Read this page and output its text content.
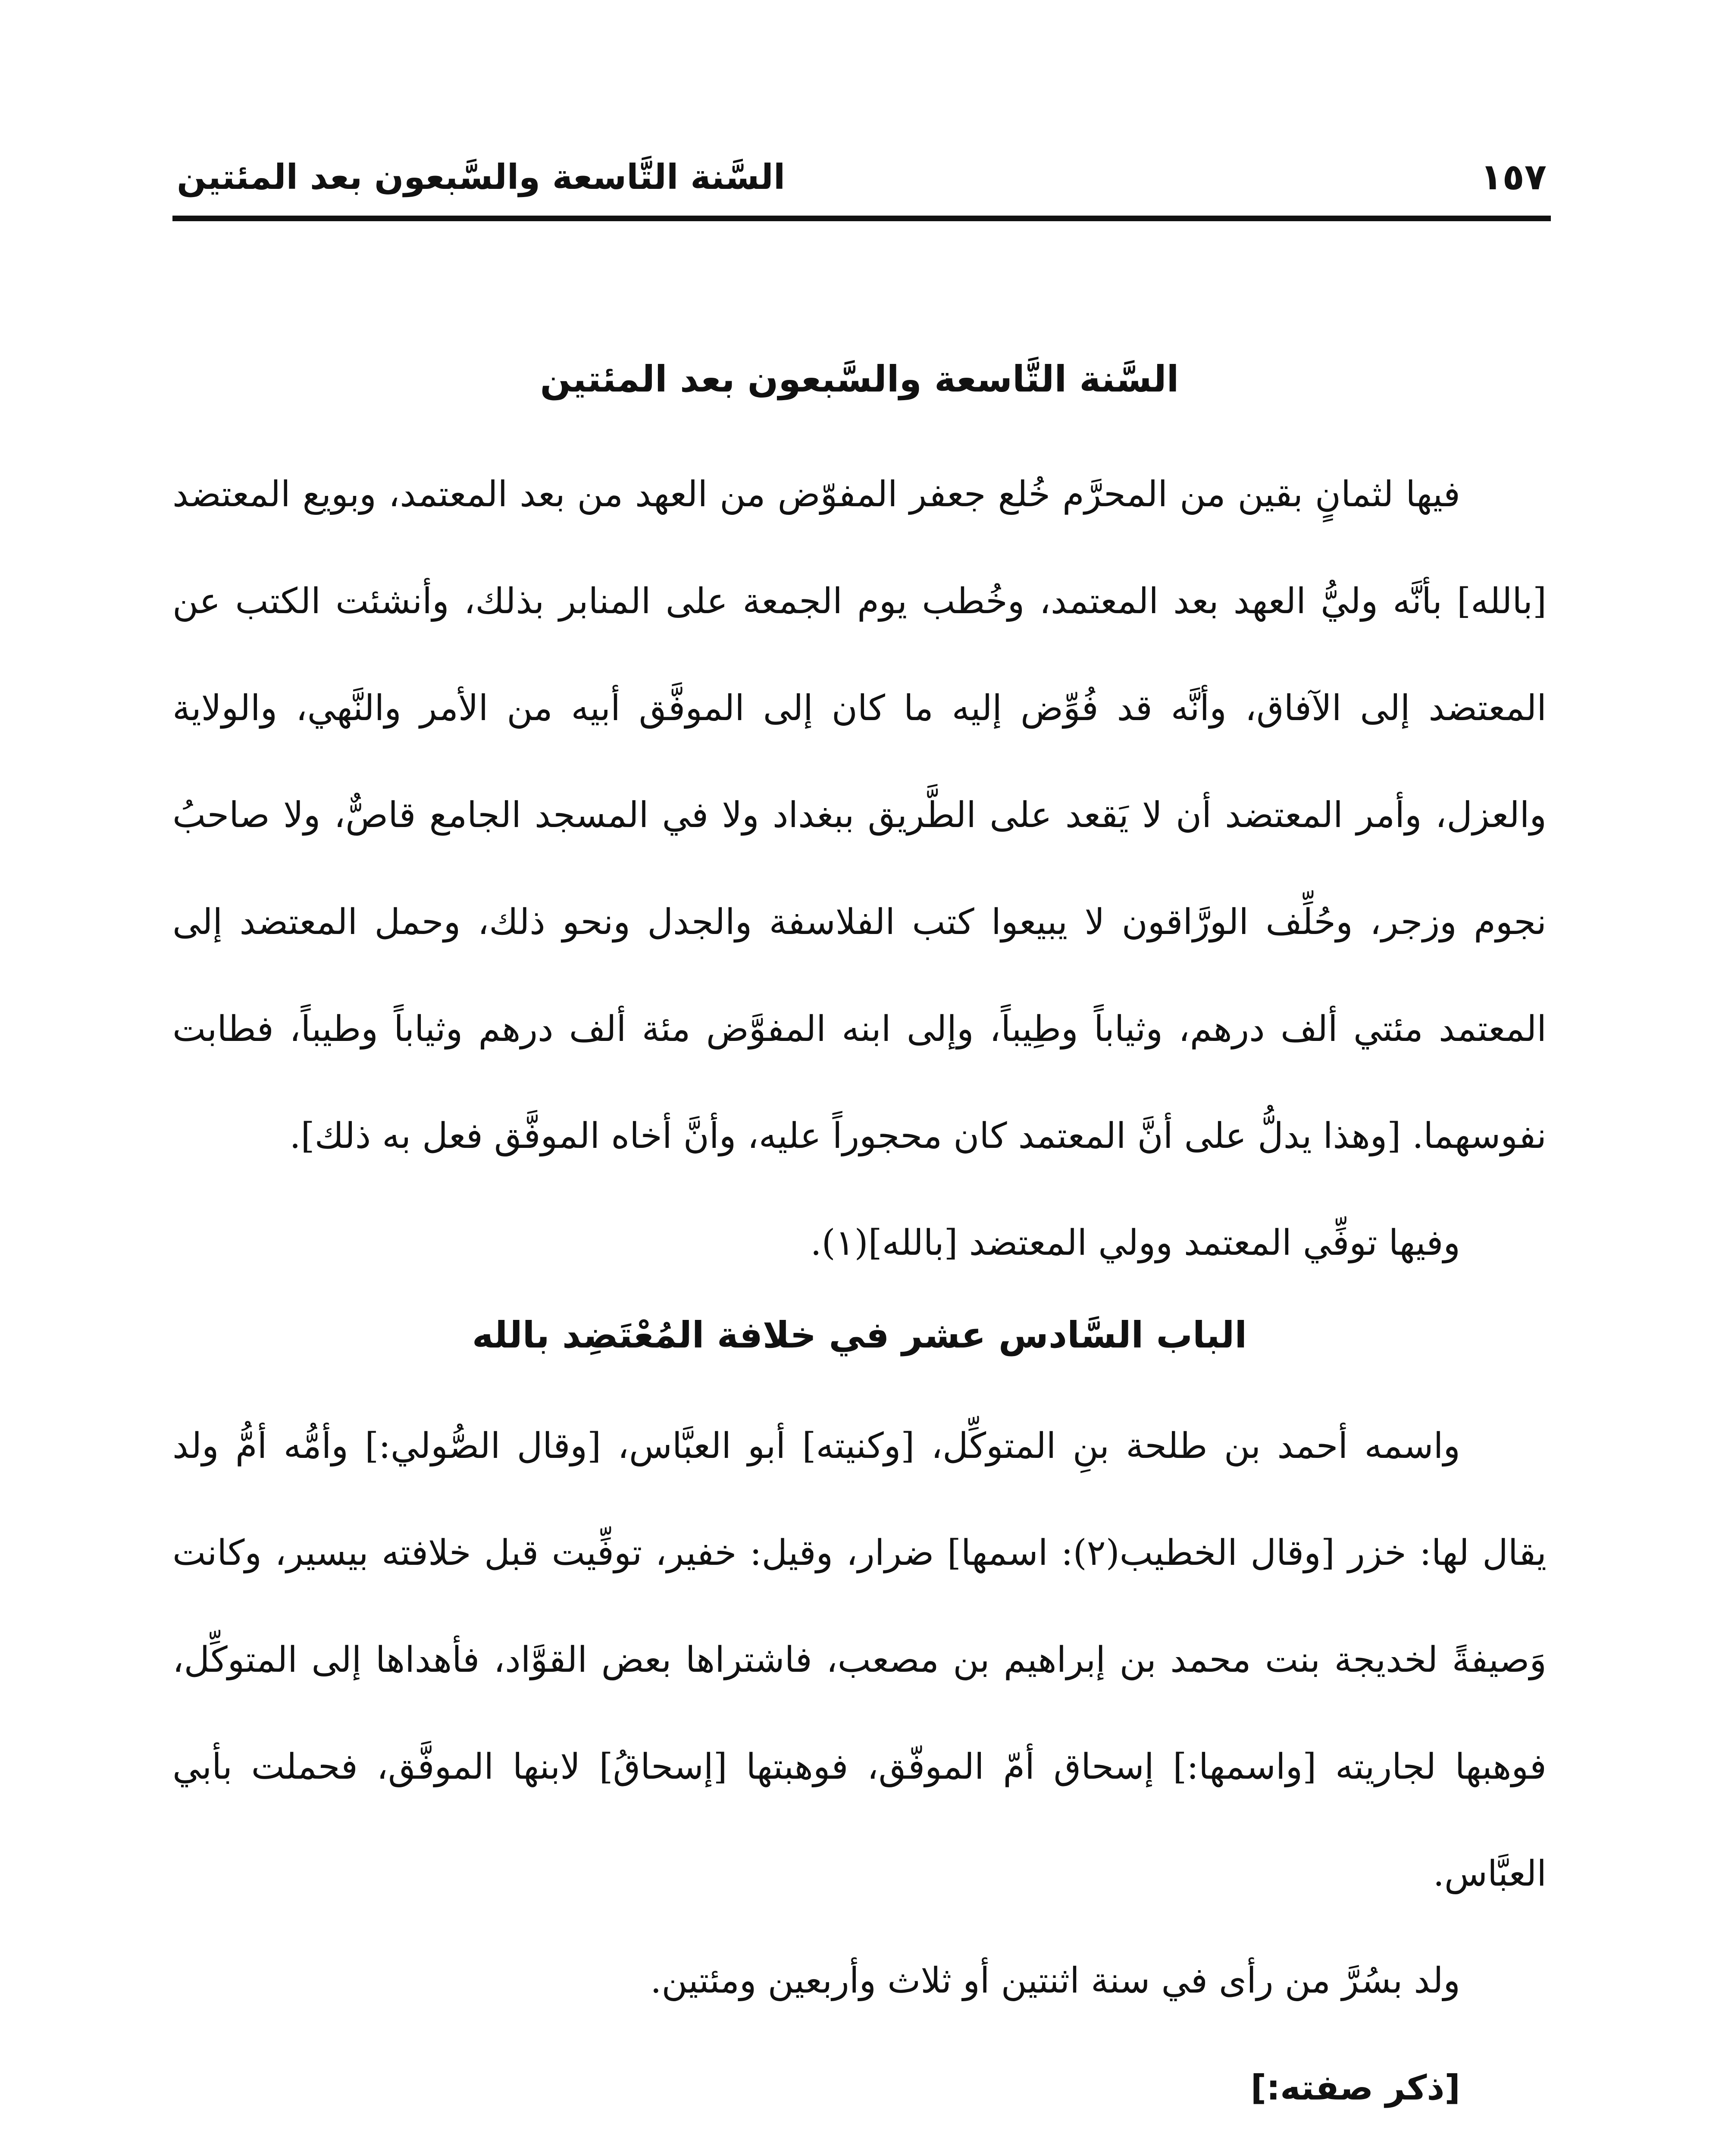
السَّنة التَّاسعة والسَّبعون بعد المئتين	١٥٧
السَّنة التَّاسعة والسَّبعون بعد المئتين

فيها لثمانٍ بقين من المحرَّم خُلع جعفر المفوّض من العهد من بعد المعتمد، وبويع المعتضد [بالله] بأنَّه وليُّ العهد بعد المعتمد، وخُطب يوم الجمعة على المنابر بذلك، وأنشئت الكتب عن المعتضد إلى الآفاق، وأنَّه قد فُوِّض إليه ما كان إلى الموفَّق أبيه من الأمر والنَّهي، والولاية والعزل، وأمر المعتضد أن لا يَقعد على الطَّريق ببغداد ولا في المسجد الجامع قاصٌّ، ولا صاحبُ نجوم وزجر، وحُلِّف الورَّاقون لا يبيعوا كتب الفلاسفة والجدل ونحو ذلك، وحمل المعتضد إلى المعتمد مئتي ألف درهم، وثياباً وطِيباً، وإلى ابنه المفوَّض مئة ألف درهم وثياباً وطيباً، فطابت نفوسهما. [وهذا يدلُّ على أنَّ المعتمد كان محجوراً عليه، وأنَّ أخاه الموفَّق فعل به ذلك].

وفيها توفِّي المعتمد وولي المعتضد [بالله](١).

الباب السَّادس عشر في خلافة المُعْتَضِد بالله

واسمه أحمد بن طلحة بنِ المتوكِّل، [وكنيته] أبو العبَّاس، [وقال الصُّولي:] وأمُّه أمُّ ولد يقال لها: خزر [وقال الخطيب(٢): اسمها] ضرار، وقيل: خفير، توفِّيت قبل خلافته بيسير، وكانت وَصيفةً لخديجة بنت محمد بن إبراهيم بن مصعب، فاشتراها بعض القوَّاد، فأهداها إلى المتوكِّل، فوهبها لجاريته [واسمها:] إسحاق أمّ الموفّق، فوهبتها [إسحاقُ] لابنها الموفَّق، فحملت بأبي العبَّاس.

ولد بسُرَّ من رأى في سنة اثنتين أو ثلاث وأربعين ومئتين.

[ذكر صفته:]
